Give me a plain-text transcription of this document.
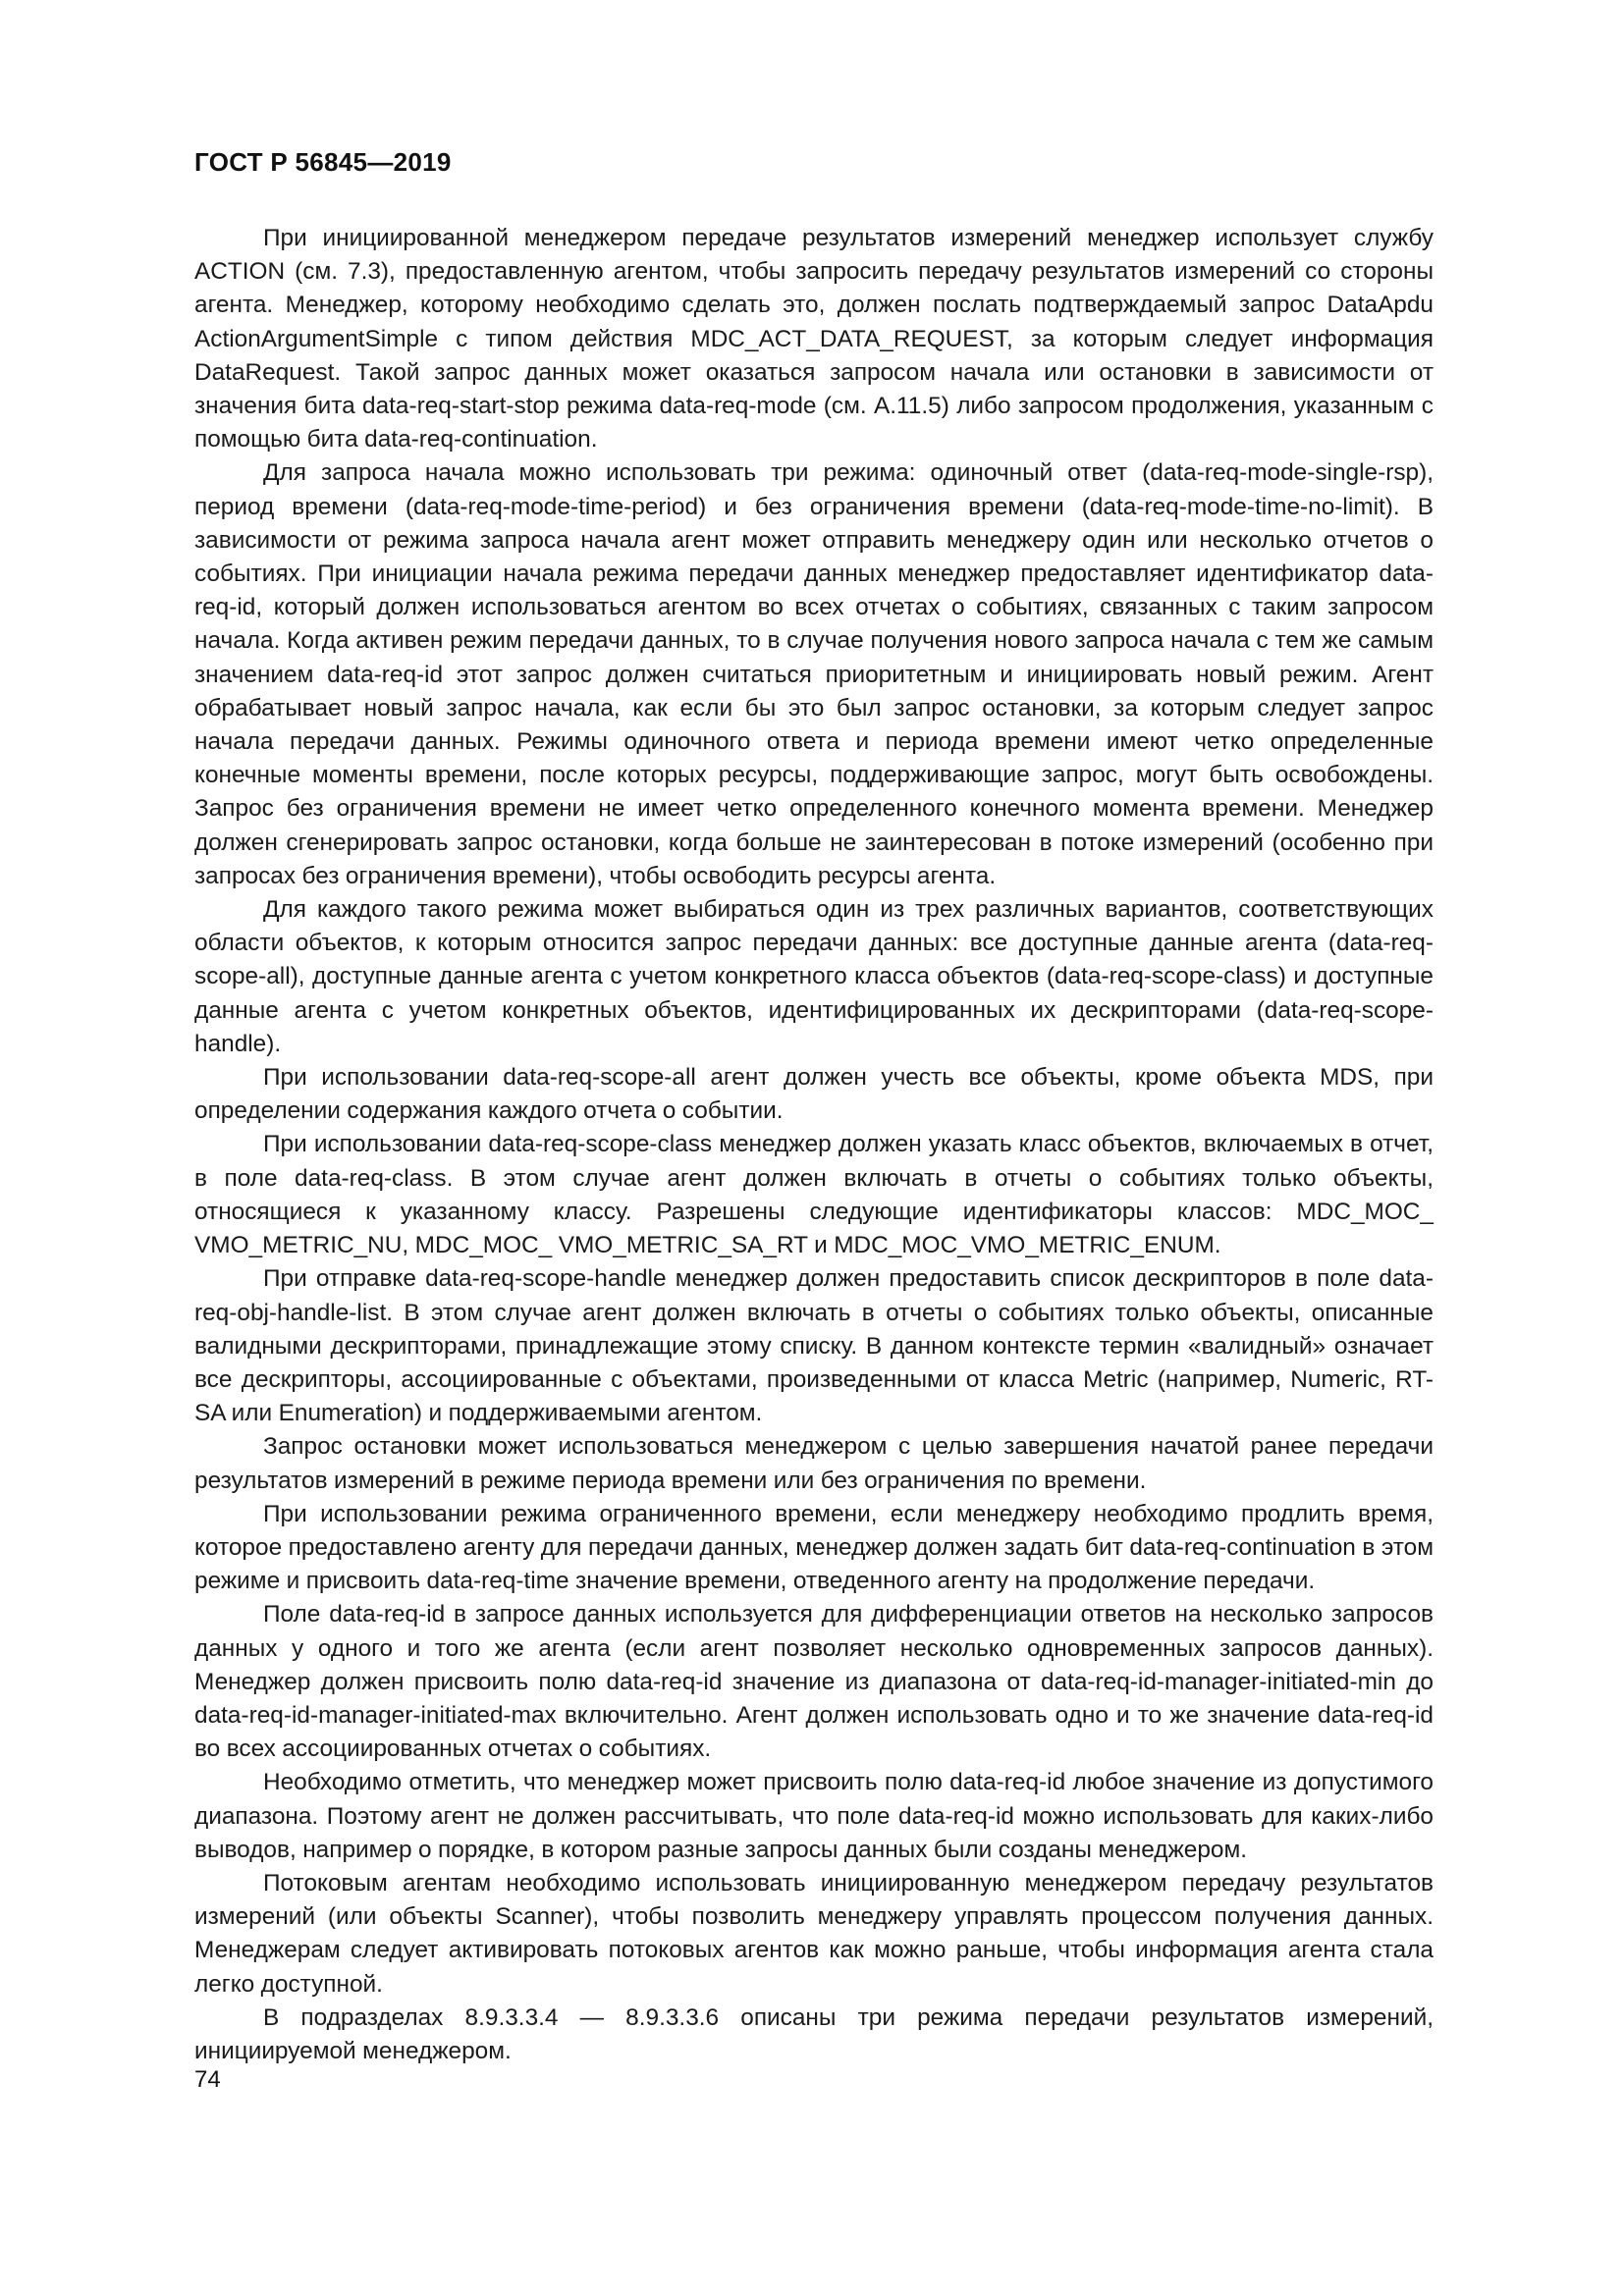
ГОСТ Р 56845—2019

При инициированной менеджером передаче результатов измерений менеджер использует службу ACTION (см. 7.3), предоставленную агентом, чтобы запросить передачу результатов измерений со стороны агента. Менеджер, которому необходимо сделать это, должен послать подтверждаемый запрос DataApdu ActionArgumentSimple с типом действия MDC_ACT_DATA_REQUEST, за которым следует информация DataRequest. Такой запрос данных может оказаться запросом начала или остановки в зависимости от значения бита data-req-start-stop режима data-req-mode (см. А.11.5) либо запросом продолжения, указанным с помощью бита data-req-continuation.

Для запроса начала можно использовать три режима: одиночный ответ (data-req-mode-single-rsp), период времени (data-req-mode-time-period) и без ограничения времени (data-req-mode-time-no-limit). В зависимости от режима запроса начала агент может отправить менеджеру один или несколько отчетов о событиях. При инициации начала режима передачи данных менеджер предоставляет идентификатор data-req-id, который должен использоваться агентом во всех отчетах о событиях, связанных с таким запросом начала. Когда активен режим передачи данных, то в случае получения нового запроса начала с тем же самым значением data-req-id этот запрос должен считаться приоритетным и инициировать новый режим. Агент обрабатывает новый запрос начала, как если бы это был запрос остановки, за которым следует запрос начала передачи данных. Режимы одиночного ответа и периода времени имеют четко определенные конечные моменты времени, после которых ресурсы, поддерживающие запрос, могут быть освобождены. Запрос без ограничения времени не имеет четко определенного конечного момента времени. Менеджер должен сгенерировать запрос остановки, когда больше не заинтересован в потоке измерений (особенно при запросах без ограничения времени), чтобы освободить ресурсы агента.

Для каждого такого режима может выбираться один из трех различных вариантов, соответствующих области объектов, к которым относится запрос передачи данных: все доступные данные агента (data-req-scope-all), доступные данные агента с учетом конкретного класса объектов (data-req-scope-class) и доступные данные агента с учетом конкретных объектов, идентифицированных их дескрипторами (data-req-scope-handle).

При использовании data-req-scope-all агент должен учесть все объекты, кроме объекта MDS, при определении содержания каждого отчета о событии.

При использовании data-req-scope-class менеджер должен указать класс объектов, включаемых в отчет, в поле data-req-class. В этом случае агент должен включать в отчеты о событиях только объекты, относящиеся к указанному классу. Разрешены следующие идентификаторы классов: MDC_MOC_ VMO_METRIC_NU, MDC_MOC_ VMO_METRIC_SA_RT и MDC_MOC_VMO_METRIC_ENUM.

При отправке data-req-scope-handle менеджер должен предоставить список дескрипторов в поле data-req-obj-handle-list. В этом случае агент должен включать в отчеты о событиях только объекты, описанные валидными дескрипторами, принадлежащие этому списку. В данном контексте термин «валидный» означает все дескрипторы, ассоциированные с объектами, произведенными от класса Metric (например, Numeric, RT-SA или Enumeration) и поддерживаемыми агентом.

Запрос остановки может использоваться менеджером с целью завершения начатой ранее передачи результатов измерений в режиме периода времени или без ограничения по времени.

При использовании режима ограниченного времени, если менеджеру необходимо продлить время, которое предоставлено агенту для передачи данных, менеджер должен задать бит data-req-continuation в этом режиме и присвоить data-req-time значение времени, отведенного агенту на продолжение передачи.

Поле data-req-id в запросе данных используется для дифференциации ответов на несколько запросов данных у одного и того же агента (если агент позволяет несколько одновременных запросов данных). Менеджер должен присвоить полю data-req-id значение из диапазона от data-req-id-manager-initiated-min до data-req-id-manager-initiated-max включительно. Агент должен использовать одно и то же значение data-req-id во всех ассоциированных отчетах о событиях.

Необходимо отметить, что менеджер может присвоить полю data-req-id любое значение из допустимого диапазона. Поэтому агент не должен рассчитывать, что поле data-req-id можно использовать для каких-либо выводов, например о порядке, в котором разные запросы данных были созданы менеджером.

Потоковым агентам необходимо использовать инициированную менеджером передачу результатов измерений (или объекты Scanner), чтобы позволить менеджеру управлять процессом получения данных. Менеджерам следует активировать потоковых агентов как можно раньше, чтобы информация агента стала легко доступной.

В подразделах 8.9.3.3.4 — 8.9.3.3.6 описаны три режима передачи результатов измерений, инициируемой менеджером.

74
